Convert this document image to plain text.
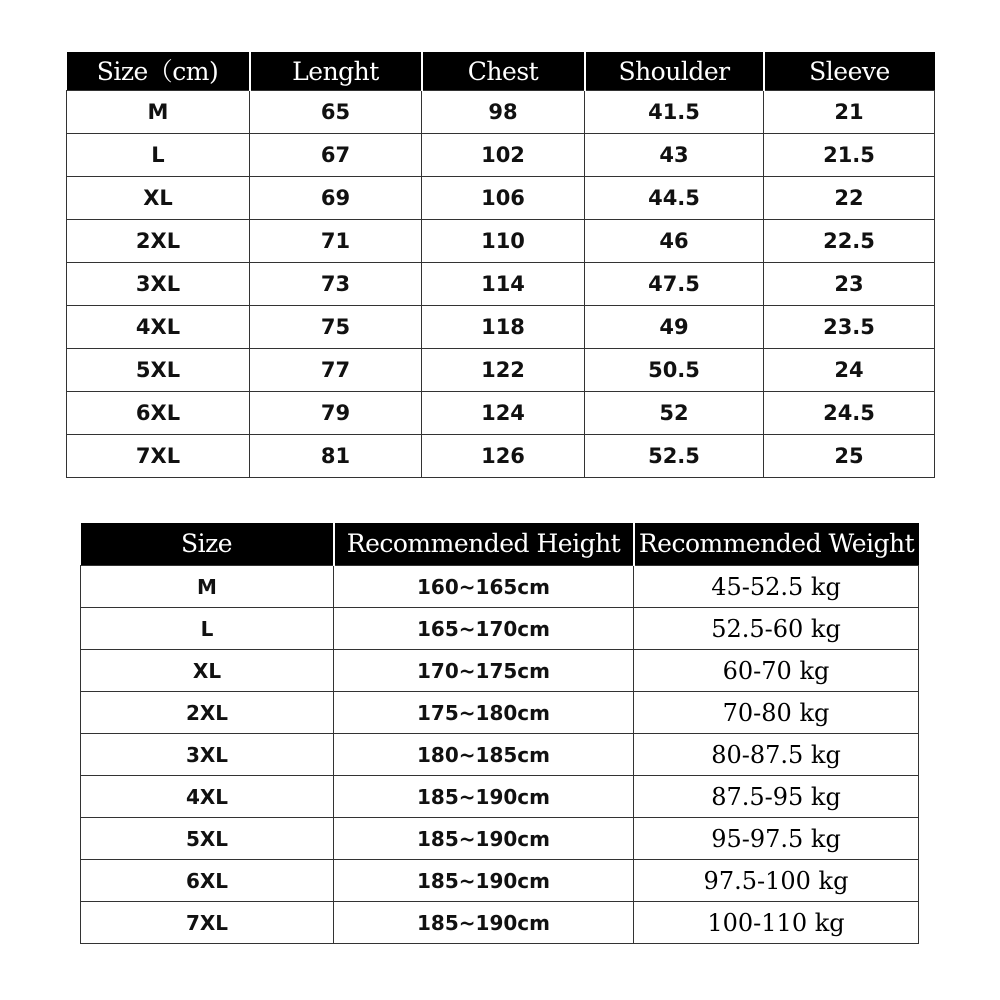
Size（cm)	Lenght	Chest	Shoulder	Sleeve
M	65	98	41.5	21
L	67	102	43	21.5
XL	69	106	44.5	22
2XL	71	110	46	22.5
3XL	73	114	47.5	23
4XL	75	118	49	23.5
5XL	77	122	50.5	24
6XL	79	124	52	24.5
7XL	81	126	52.5	25
Size	Recommended Height	Recommended Weight
M	160~165cm	45-52.5 kg
L	165~170cm	52.5-60 kg
XL	170~175cm	60-70 kg
2XL	175~180cm	70-80 kg
3XL	180~185cm	80-87.5 kg
4XL	185~190cm	87.5-95 kg
5XL	185~190cm	95-97.5 kg
6XL	185~190cm	97.5-100 kg
7XL	185~190cm	100-110 kg
